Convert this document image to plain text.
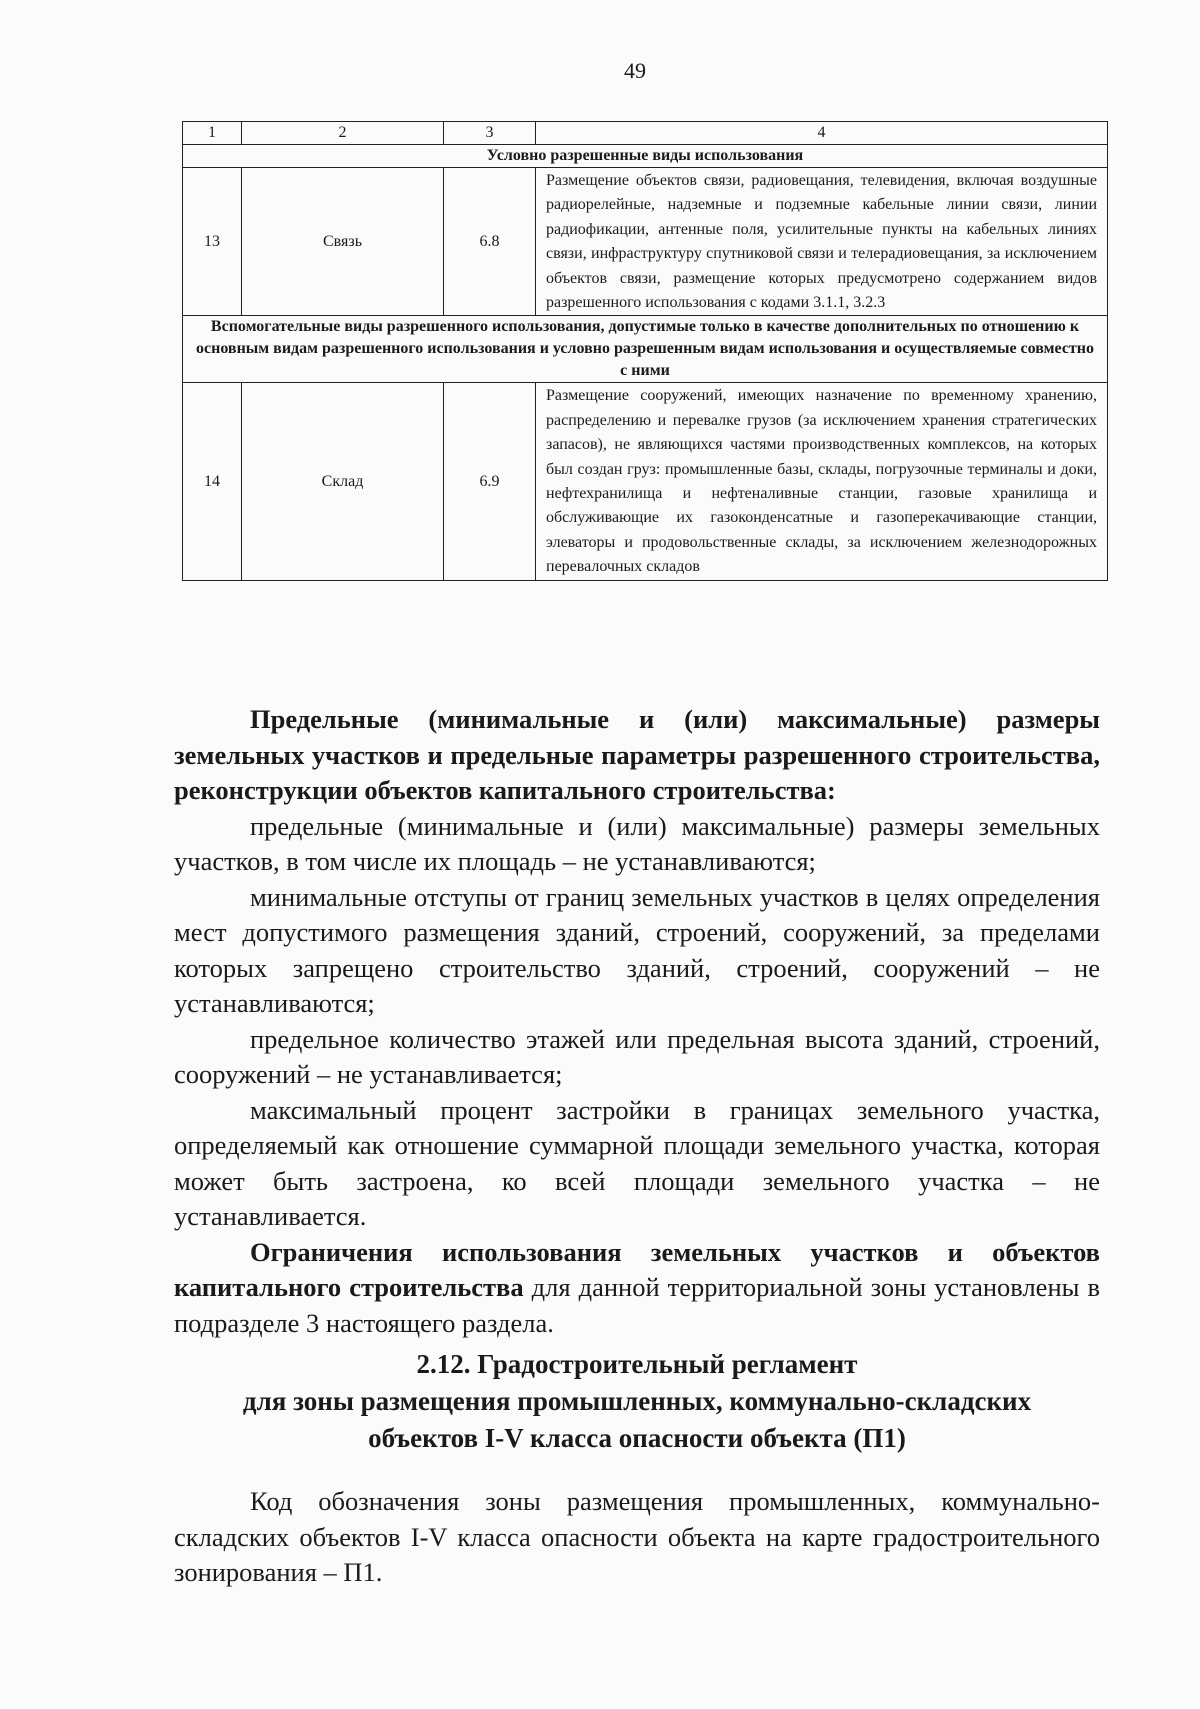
49
1	2	3	4
Условно разрешенные виды использования			
13	Связь	6.8	Размещение объектов связи, радиовещания, телевидения, включая воздушные радиорелейные, надземные и подземные кабельные линии связи, линии радиофикации, антенные поля, усилительные пункты на кабельных линиях связи, инфраструктуру спутниковой связи и телерадиовещания, за исключением объектов связи, размещение которых предусмотрено содержанием видов разрешенного использования с кодами 3.1.1, 3.2.3
Вспомогательные виды разрешенного использования, допустимые только в качестве дополнительных по отношению к основным видам разрешенного использования и условно разрешенным видам использования и осуществляемые совместно с ними			
14	Склад	6.9	Размещение сооружений, имеющих назначение по временному хранению, распределению и перевалке грузов (за исключением хранения стратегических запасов), не являющихся частями производственных комплексов, на которых был создан груз: промышленные базы, склады, погрузочные терминалы и доки, нефтехранилища и нефтеналивные станции, газовые хранилища и обслуживающие их газоконденсатные и газоперекачивающие станции, элеваторы и продовольственные склады, за исключением железнодорожных перевалочных складов

Предельные (минимальные и (или) максимальные) размеры земельных участков и предельные параметры разрешенного строительства, реконструкции объектов капитального строительства:

предельные (минимальные и (или) максимальные) размеры земельных участков, в том числе их площадь – не устанавливаются;

минимальные отступы от границ земельных участков в целях определения мест допустимого размещения зданий, строений, сооружений, за пределами которых запрещено строительство зданий, строений, сооружений – не устанавливаются;

предельное количество этажей или предельная высота зданий, строений, сооружений – не устанавливается;

максимальный процент застройки в границах земельного участка, определяемый как отношение суммарной площади земельного участка, которая может быть застроена, ко всей площади земельного участка – не устанавливается.

Ограничения использования земельных участков и объектов капитального строительства для данной территориальной зоны установлены в подразделе 3 настоящего раздела.

2.12. Градостроительный регламент

для зоны размещения промышленных, коммунально-складских

объектов I-V класса опасности объекта (П1)

Код обозначения зоны размещения промышленных, коммунально-складских объектов I-V класса опасности объекта на карте градостроительного зонирования – П1.
